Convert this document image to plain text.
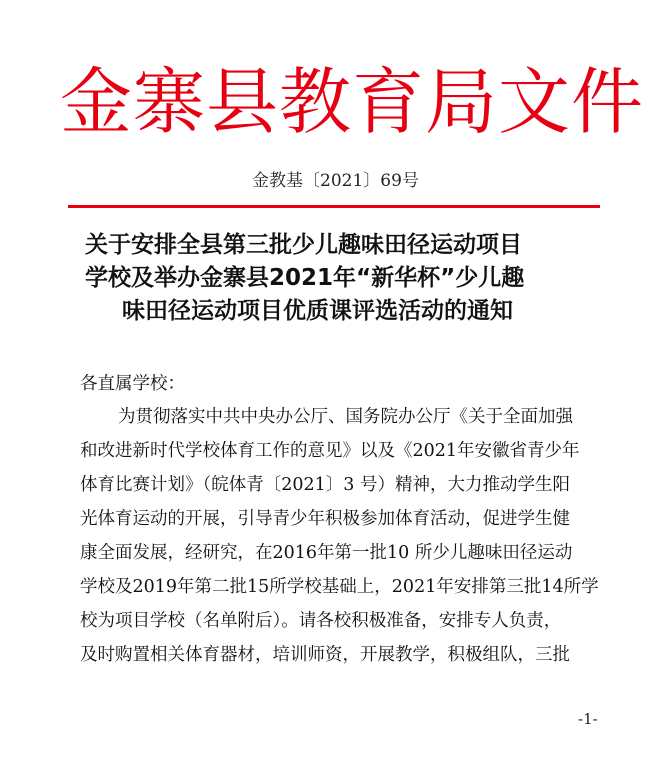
金寨县教育局文件
金教基〔2021〕69号
关于安排全县第三批少儿趣味田径运动项目
学校及举办金寨县2021年“新华杯”少儿趣
味田径运动项目优质课评选活动的通知
各直属学校：
为贯彻落实中共中央办公厅、国务院办公厅《关于全面加强
和改进新时代学校体育工作的意见》以及《2021年安徽省青少年
体育比赛计划》（皖体青〔2021〕3 号）精神，大力推动学生阳
光体育运动的开展，引导青少年积极参加体育活动，促进学生健
康全面发展，经研究，在2016年第一批10 所少儿趣味田径运动
学校及2019年第二批15所学校基础上，2021年安排第三批14所学
校为项目学校（名单附后）。请各校积极准备，安排专人负责，
及时购置相关体育器材，培训师资，开展教学，积极组队，三批
-1-
